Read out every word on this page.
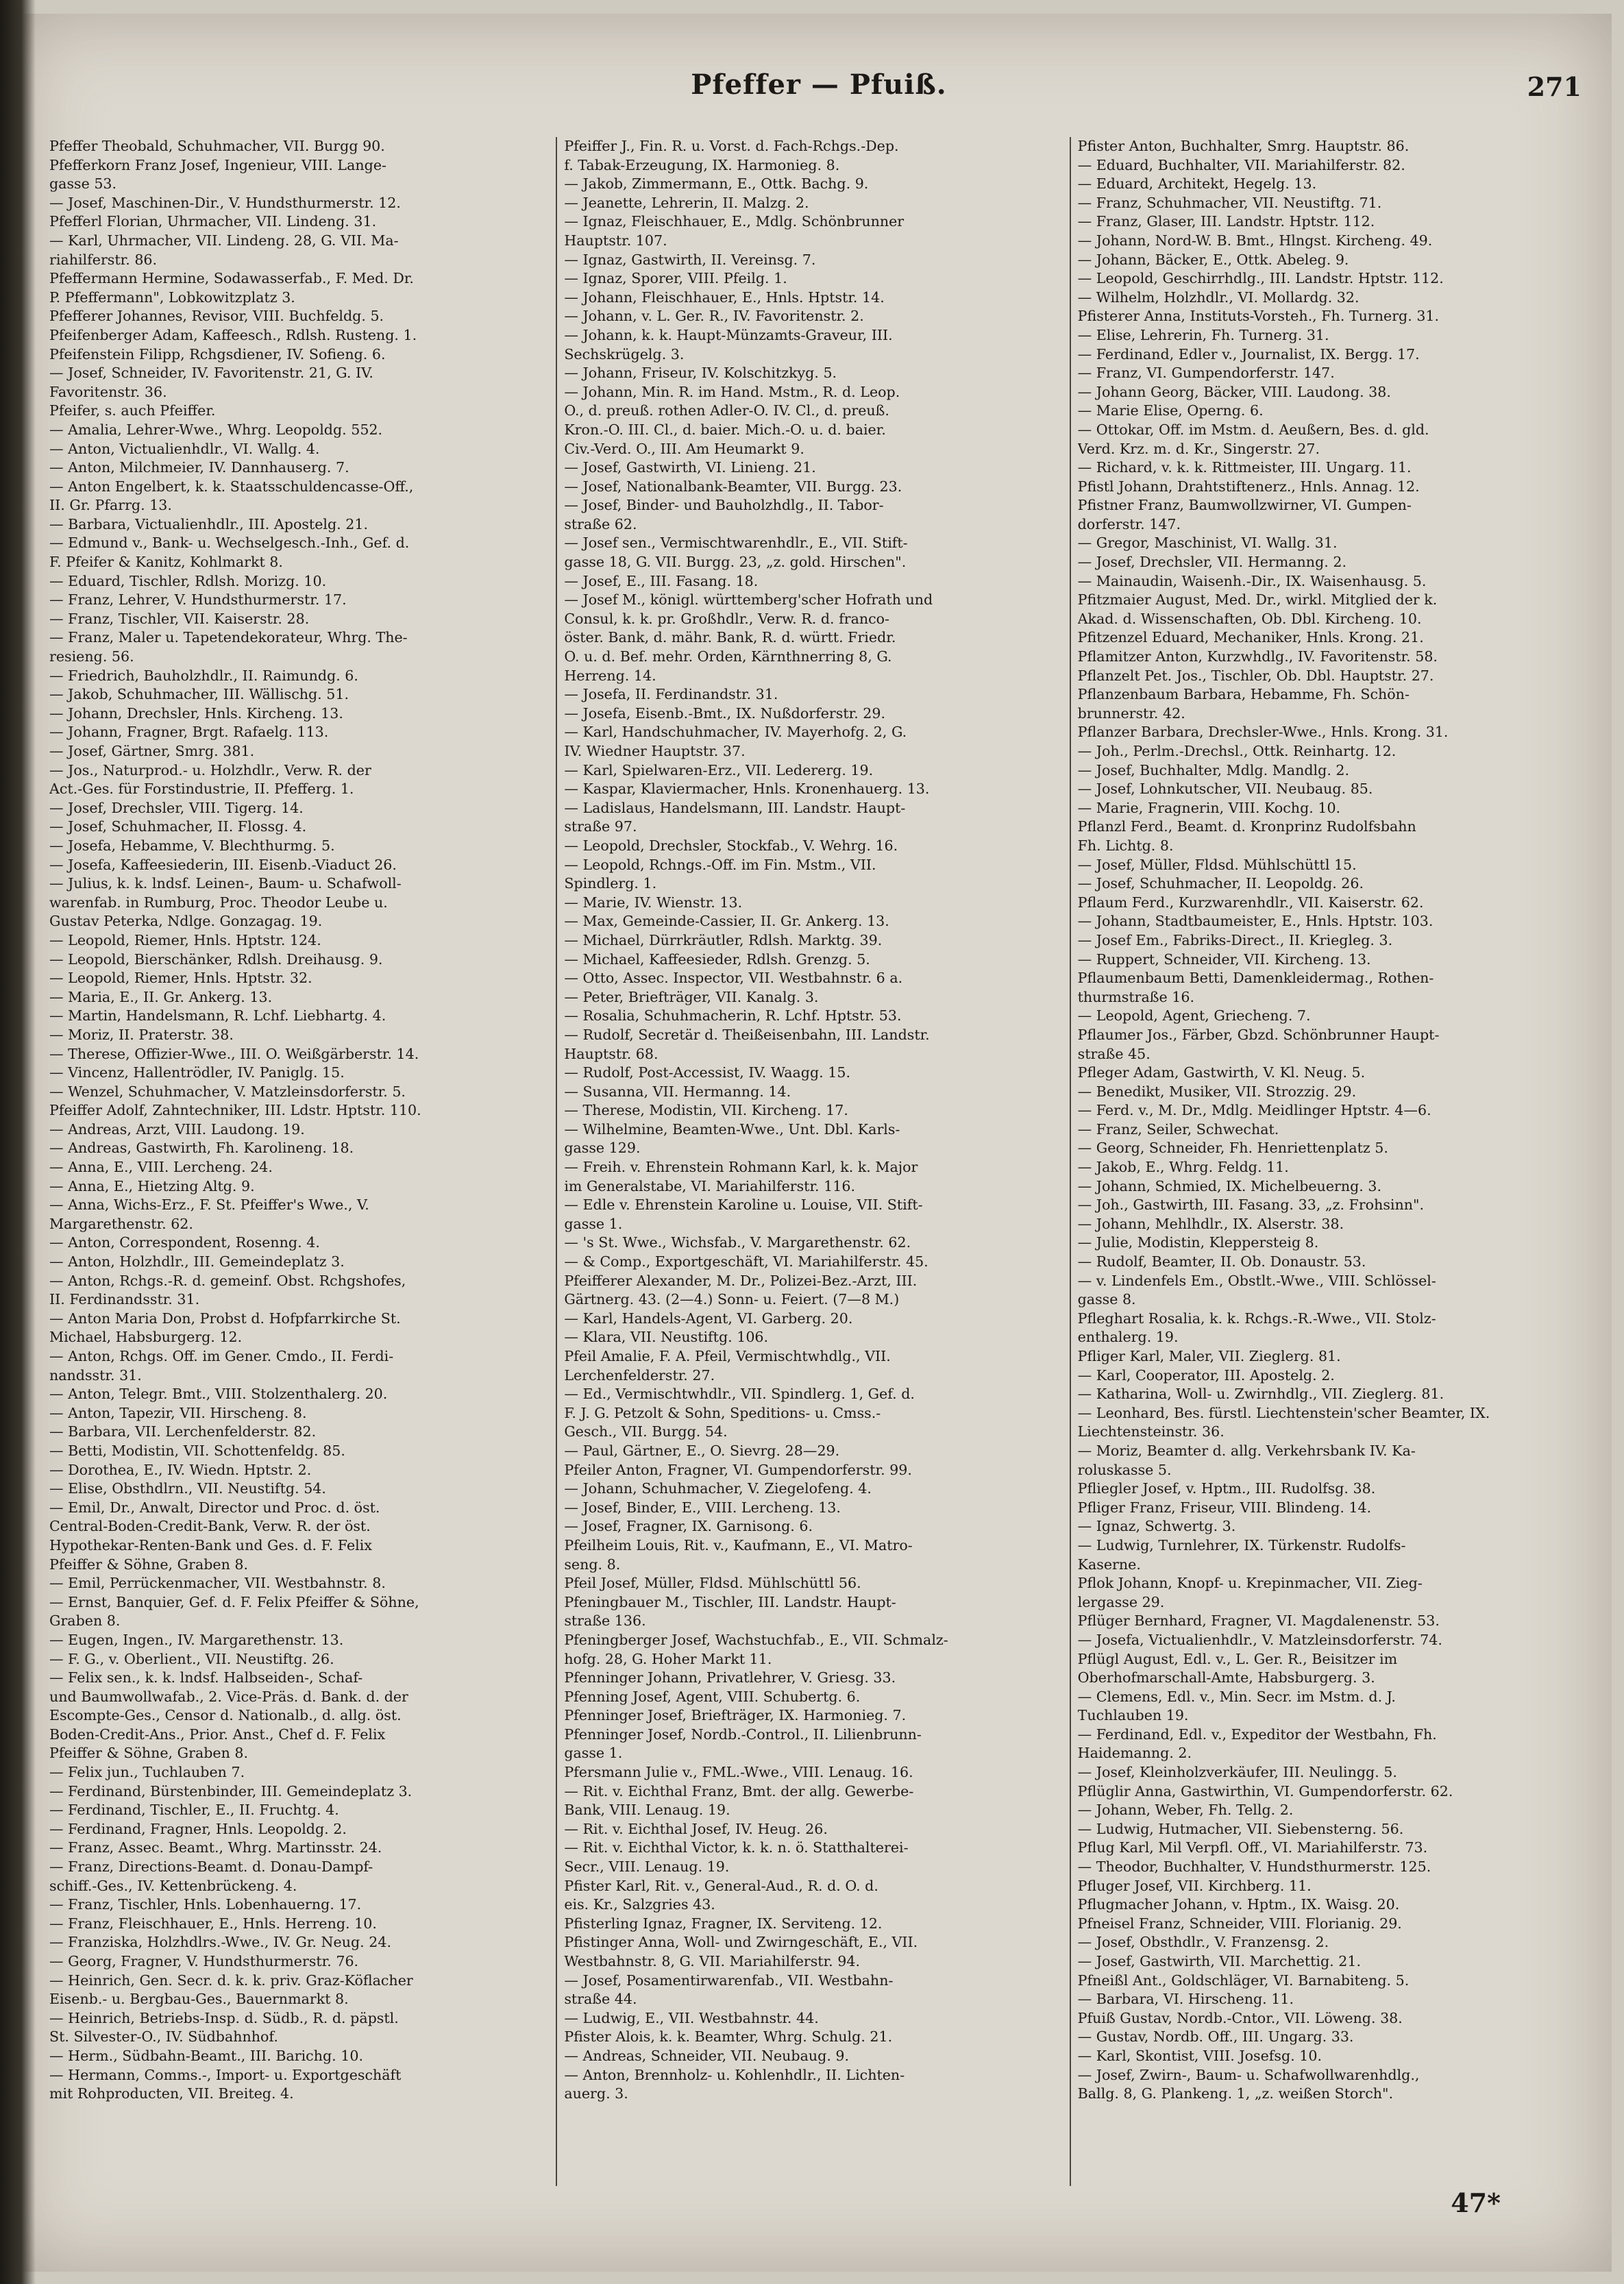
Pfeffer — Pfuiß.	271
Pfeffer Theobald, Schuhmacher, VII. Burgg 90.
Pfefferkorn Franz Josef, Ingenieur, VIII. Lange-
gasse 53.
— Josef, Maschinen-Dir., V. Hundsthurmerstr. 12.
Pfefferl Florian, Uhrmacher, VII. Lindeng. 31.
— Karl, Uhrmacher, VII. Lindeng. 28, G. VII. Ma-
riahilferstr. 86.
Pfeffermann Hermine, Sodawasserfab., F. Med. Dr.
P. Pfeffermann", Lobkowitzplatz 3.
Pfefferer Johannes, Revisor, VIII. Buchfeldg. 5.
Pfeifenberger Adam, Kaffeesch., Rdlsh. Rusteng. 1.
Pfeifenstein Filipp, Rchgsdiener, IV. Sofieng. 6.
— Josef, Schneider, IV. Favoritenstr. 21, G. IV.
Favoritenstr. 36.
Pfeifer, s. auch Pfeiffer.
— Amalia, Lehrer-Wwe., Whrg. Leopoldg. 552.
— Anton, Victualienhdlr., VI. Wallg. 4.
— Anton, Milchmeier, IV. Dannhauserg. 7.
— Anton Engelbert, k. k. Staatsschuldencasse-Off.,
II. Gr. Pfarrg. 13.
— Barbara, Victualienhdlr., III. Apostelg. 21.
— Edmund v., Bank- u. Wechselgesch.-Inh., Gef. d.
F. Pfeifer & Kanitz, Kohlmarkt 8.
— Eduard, Tischler, Rdlsh. Morizg. 10.
— Franz, Lehrer, V. Hundsthurmerstr. 17.
— Franz, Tischler, VII. Kaiserstr. 28.
— Franz, Maler u. Tapetendekorateur, Whrg. The-
resieng. 56.
— Friedrich, Bauholzhdlr., II. Raimundg. 6.
— Jakob, Schuhmacher, III. Wällischg. 51.
— Johann, Drechsler, Hnls. Kircheng. 13.
— Johann, Fragner, Brgt. Rafaelg. 113.
— Josef, Gärtner, Smrg. 381.
— Jos., Naturprod.- u. Holzhdlr., Verw. R. der
Act.-Ges. für Forstindustrie, II. Pfefferg. 1.
— Josef, Drechsler, VIII. Tigerg. 14.
— Josef, Schuhmacher, II. Flossg. 4.
— Josefa, Hebamme, V. Blechthurmg. 5.
— Josefa, Kaffeesiederin, III. Eisenb.-Viaduct 26.
— Julius, k. k. lndsf. Leinen-, Baum- u. Schafwoll-
warenfab. in Rumburg, Proc. Theodor Leube u.
Gustav Peterka, Ndlge. Gonzagag. 19.
— Leopold, Riemer, Hnls. Hptstr. 124.
— Leopold, Bierschänker, Rdlsh. Dreihausg. 9.
— Leopold, Riemer, Hnls. Hptstr. 32.
— Maria, E., II. Gr. Ankerg. 13.
— Martin, Handelsmann, R. Lchf. Liebhartg. 4.
— Moriz, II. Praterstr. 38.
— Therese, Offizier-Wwe., III. O. Weißgärberstr. 14.
— Vincenz, Hallentrödler, IV. Paniglg. 15.
— Wenzel, Schuhmacher, V. Matzleinsdorferstr. 5.
Pfeiffer Adolf, Zahntechniker, III. Ldstr. Hptstr. 110.
— Andreas, Arzt, VIII. Laudong. 19.
— Andreas, Gastwirth, Fh. Karolineng. 18.
— Anna, E., VIII. Lercheng. 24.
— Anna, E., Hietzing Altg. 9.
— Anna, Wichs-Erz., F. St. Pfeiffer's Wwe., V.
Margarethenstr. 62.
— Anton, Correspondent, Rosenng. 4.
— Anton, Holzhdlr., III. Gemeindeplatz 3.
— Anton, Rchgs.-R. d. gemeinf. Obst. Rchgshofes,
II. Ferdinandsstr. 31.
— Anton Maria Don, Probst d. Hofpfarrkirche St.
Michael, Habsburgerg. 12.
— Anton, Rchgs. Off. im Gener. Cmdo., II. Ferdi-
nandsstr. 31.
— Anton, Telegr. Bmt., VIII. Stolzenthalerg. 20.
— Anton, Tapezir, VII. Hirscheng. 8.
— Barbara, VII. Lerchenfelderstr. 82.
— Betti, Modistin, VII. Schottenfeldg. 85.
— Dorothea, E., IV. Wiedn. Hptstr. 2.
— Elise, Obsthdlrn., VII. Neustiftg. 54.
— Emil, Dr., Anwalt, Director und Proc. d. öst.
Central-Boden-Credit-Bank, Verw. R. der öst.
Hypothekar-Renten-Bank und Ges. d. F. Felix
Pfeiffer & Söhne, Graben 8.
— Emil, Perrückenmacher, VII. Westbahnstr. 8.
— Ernst, Banquier, Gef. d. F. Felix Pfeiffer & Söhne,
Graben 8.
— Eugen, Ingen., IV. Margarethenstr. 13.
— F. G., v. Oberlient., VII. Neustiftg. 26.
— Felix sen., k. k. lndsf. Halbseiden-, Schaf-
und Baumwollwafab., 2. Vice-Präs. d. Bank. d. der
Escompte-Ges., Censor d. Nationalb., d. allg. öst.
Boden-Credit-Ans., Prior. Anst., Chef d. F. Felix
Pfeiffer & Söhne, Graben 8.
— Felix jun., Tuchlauben 7.
— Ferdinand, Bürstenbinder, III. Gemeindeplatz 3.
— Ferdinand, Tischler, E., II. Fruchtg. 4.
— Ferdinand, Fragner, Hnls. Leopoldg. 2.
— Franz, Assec. Beamt., Whrg. Martinsstr. 24.
— Franz, Directions-Beamt. d. Donau-Dampf-
schiff.-Ges., IV. Kettenbrückeng. 4.
— Franz, Tischler, Hnls. Lobenhauerng. 17.
— Franz, Fleischhauer, E., Hnls. Herreng. 10.
— Franziska, Holzhdlrs.-Wwe., IV. Gr. Neug. 24.
— Georg, Fragner, V. Hundsthurmerstr. 76.
— Heinrich, Gen. Secr. d. k. k. priv. Graz-Köflacher
Eisenb.- u. Bergbau-Ges., Bauernmarkt 8.
— Heinrich, Betriebs-Insp. d. Südb., R. d. päpstl.
St. Silvester-O., IV. Südbahnhof.
— Herm., Südbahn-Beamt., III. Barichg. 10.
— Hermann, Comms.-, Import- u. Exportgeschäft
mit Rohproducten, VII. Breiteg. 4.
Pfeiffer J., Fin. R. u. Vorst. d. Fach-Rchgs.-Dep.
f. Tabak-Erzeugung, IX. Harmonieg. 8.
— Jakob, Zimmermann, E., Ottk. Bachg. 9.
— Jeanette, Lehrerin, II. Malzg. 2.
— Ignaz, Fleischhauer, E., Mdlg. Schönbrunner
Hauptstr. 107.
— Ignaz, Gastwirth, II. Vereinsg. 7.
— Ignaz, Sporer, VIII. Pfeilg. 1.
— Johann, Fleischhauer, E., Hnls. Hptstr. 14.
— Johann, v. L. Ger. R., IV. Favoritenstr. 2.
— Johann, k. k. Haupt-Münzamts-Graveur, III.
Sechskrügelg. 3.
— Johann, Friseur, IV. Kolschitzkyg. 5.
— Johann, Min. R. im Hand. Mstm., R. d. Leop.
O., d. preuß. rothen Adler-O. IV. Cl., d. preuß.
Kron.-O. III. Cl., d. baier. Mich.-O. u. d. baier.
Civ.-Verd. O., III. Am Heumarkt 9.
— Josef, Gastwirth, VI. Linieng. 21.
— Josef, Nationalbank-Beamter, VII. Burgg. 23.
— Josef, Binder- und Bauholzhdlg., II. Tabor-
straße 62.
— Josef sen., Vermischtwarenhdlr., E., VII. Stift-
gasse 18, G. VII. Burgg. 23, „z. gold. Hirschen".
— Josef, E., III. Fasang. 18.
— Josef M., königl. württemberg'scher Hofrath und
Consul, k. k. pr. Großhdlr., Verw. R. d. franco-
öster. Bank, d. mähr. Bank, R. d. württ. Friedr.
O. u. d. Bef. mehr. Orden, Kärnthnerring 8, G.
Herreng. 14.
— Josefa, II. Ferdinandstr. 31.
— Josefa, Eisenb.-Bmt., IX. Nußdorferstr. 29.
— Karl, Handschuhmacher, IV. Mayerhofg. 2, G.
IV. Wiedner Hauptstr. 37.
— Karl, Spielwaren-Erz., VII. Ledererg. 19.
— Kaspar, Klaviermacher, Hnls. Kronenhauerg. 13.
— Ladislaus, Handelsmann, III. Landstr. Haupt-
straße 97.
— Leopold, Drechsler, Stockfab., V. Wehrg. 16.
— Leopold, Rchngs.-Off. im Fin. Mstm., VII.
Spindlerg. 1.
— Marie, IV. Wienstr. 13.
— Max, Gemeinde-Cassier, II. Gr. Ankerg. 13.
— Michael, Dürrkräutler, Rdlsh. Marktg. 39.
— Michael, Kaffeesieder, Rdlsh. Grenzg. 5.
— Otto, Assec. Inspector, VII. Westbahnstr. 6 a.
— Peter, Briefträger, VII. Kanalg. 3.
— Rosalia, Schuhmacherin, R. Lchf. Hptstr. 53.
— Rudolf, Secretär d. Theißeisenbahn, III. Landstr.
Hauptstr. 68.
— Rudolf, Post-Accessist, IV. Waagg. 15.
— Susanna, VII. Hermanng. 14.
— Therese, Modistin, VII. Kircheng. 17.
— Wilhelmine, Beamten-Wwe., Unt. Dbl. Karls-
gasse 129.
— Freih. v. Ehrenstein Rohmann Karl, k. k. Major
im Generalstabe, VI. Mariahilferstr. 116.
— Edle v. Ehrenstein Karoline u. Louise, VII. Stift-
gasse 1.
— 's St. Wwe., Wichsfab., V. Margarethenstr. 62.
— & Comp., Exportgeschäft, VI. Mariahilferstr. 45.
Pfeifferer Alexander, M. Dr., Polizei-Bez.-Arzt, III.
Gärtnerg. 43. (2—4.) Sonn- u. Feiert. (7—8 M.)
— Karl, Handels-Agent, VI. Garberg. 20.
— Klara, VII. Neustiftg. 106.
Pfeil Amalie, F. A. Pfeil, Vermischtwhdlg., VII.
Lerchenfelderstr. 27.
— Ed., Vermischtwhdlr., VII. Spindlerg. 1, Gef. d.
F. J. G. Petzolt & Sohn, Speditions- u. Cmss.-
Gesch., VII. Burgg. 54.
— Paul, Gärtner, E., O. Sievrg. 28—29.
Pfeiler Anton, Fragner, VI. Gumpendorferstr. 99.
— Johann, Schuhmacher, V. Ziegelofeng. 4.
— Josef, Binder, E., VIII. Lercheng. 13.
— Josef, Fragner, IX. Garnisong. 6.
Pfeilheim Louis, Rit. v., Kaufmann, E., VI. Matro-
seng. 8.
Pfeil Josef, Müller, Fldsd. Mühlschüttl 56.
Pfeningbauer M., Tischler, III. Landstr. Haupt-
straße 136.
Pfeningberger Josef, Wachstuchfab., E., VII. Schmalz-
hofg. 28, G. Hoher Markt 11.
Pfenninger Johann, Privatlehrer, V. Griesg. 33.
Pfenning Josef, Agent, VIII. Schubertg. 6.
Pfenninger Josef, Briefträger, IX. Harmonieg. 7.
Pfenninger Josef, Nordb.-Control., II. Lilienbrunn-
gasse 1.
Pfersmann Julie v., FML.-Wwe., VIII. Lenaug. 16.
— Rit. v. Eichthal Franz, Bmt. der allg. Gewerbe-
Bank, VIII. Lenaug. 19.
— Rit. v. Eichthal Josef, IV. Heug. 26.
— Rit. v. Eichthal Victor, k. k. n. ö. Statthalterei-
Secr., VIII. Lenaug. 19.
Pfister Karl, Rit. v., General-Aud., R. d. O. d.
eis. Kr., Salzgries 43.
Pfisterling Ignaz, Fragner, IX. Serviteng. 12.
Pfistinger Anna, Woll- und Zwirngeschäft, E., VII.
Westbahnstr. 8, G. VII. Mariahilferstr. 94.
— Josef, Posamentirwarenfab., VII. Westbahn-
straße 44.
— Ludwig, E., VII. Westbahnstr. 44.
Pfister Alois, k. k. Beamter, Whrg. Schulg. 21.
— Andreas, Schneider, VII. Neubaug. 9.
— Anton, Brennholz- u. Kohlenhdlr., II. Lichten-
auerg. 3.
Pfister Anton, Buchhalter, Smrg. Hauptstr. 86.
— Eduard, Buchhalter, VII. Mariahilferstr. 82.
— Eduard, Architekt, Hegelg. 13.
— Franz, Schuhmacher, VII. Neustiftg. 71.
— Franz, Glaser, III. Landstr. Hptstr. 112.
— Johann, Nord-W. B. Bmt., Hlngst. Kircheng. 49.
— Johann, Bäcker, E., Ottk. Abeleg. 9.
— Leopold, Geschirrhdlg., III. Landstr. Hptstr. 112.
— Wilhelm, Holzhdlr., VI. Mollardg. 32.
Pfisterer Anna, Instituts-Vorsteh., Fh. Turnerg. 31.
— Elise, Lehrerin, Fh. Turnerg. 31.
— Ferdinand, Edler v., Journalist, IX. Bergg. 17.
— Franz, VI. Gumpendorferstr. 147.
— Johann Georg, Bäcker, VIII. Laudong. 38.
— Marie Elise, Operng. 6.
— Ottokar, Off. im Mstm. d. Aeußern, Bes. d. gld.
Verd. Krz. m. d. Kr., Singerstr. 27.
— Richard, v. k. k. Rittmeister, III. Ungarg. 11.
Pfistl Johann, Drahtstiftenerz., Hnls. Annag. 12.
Pfistner Franz, Baumwollzwirner, VI. Gumpen-
dorferstr. 147.
— Gregor, Maschinist, VI. Wallg. 31.
— Josef, Drechsler, VII. Hermanng. 2.
— Mainaudin, Waisenh.-Dir., IX. Waisenhausg. 5.
Pfitzmaier August, Med. Dr., wirkl. Mitglied der k.
Akad. d. Wissenschaften, Ob. Dbl. Kircheng. 10.
Pfitzenzel Eduard, Mechaniker, Hnls. Krong. 21.
Pflamitzer Anton, Kurzwhdlg., IV. Favoritenstr. 58.
Pflanzelt Pet. Jos., Tischler, Ob. Dbl. Hauptstr. 27.
Pflanzenbaum Barbara, Hebamme, Fh. Schön-
brunnerstr. 42.
Pflanzer Barbara, Drechsler-Wwe., Hnls. Krong. 31.
— Joh., Perlm.-Drechsl., Ottk. Reinhartg. 12.
— Josef, Buchhalter, Mdlg. Mandlg. 2.
— Josef, Lohnkutscher, VII. Neubaug. 85.
— Marie, Fragnerin, VIII. Kochg. 10.
Pflanzl Ferd., Beamt. d. Kronprinz Rudolfsbahn
Fh. Lichtg. 8.
— Josef, Müller, Fldsd. Mühlschüttl 15.
— Josef, Schuhmacher, II. Leopoldg. 26.
Pflaum Ferd., Kurzwarenhdlr., VII. Kaiserstr. 62.
— Johann, Stadtbaumeister, E., Hnls. Hptstr. 103.
— Josef Em., Fabriks-Direct., II. Kriegleg. 3.
— Ruppert, Schneider, VII. Kircheng. 13.
Pflaumenbaum Betti, Damenkleidermag., Rothen-
thurmstraße 16.
— Leopold, Agent, Griecheng. 7.
Pflaumer Jos., Färber, Gbzd. Schönbrunner Haupt-
straße 45.
Pfleger Adam, Gastwirth, V. Kl. Neug. 5.
— Benedikt, Musiker, VII. Strozzig. 29.
— Ferd. v., M. Dr., Mdlg. Meidlinger Hptstr. 4—6.
— Franz, Seiler, Schwechat.
— Georg, Schneider, Fh. Henriettenplatz 5.
— Jakob, E., Whrg. Feldg. 11.
— Johann, Schmied, IX. Michelbeuerng. 3.
— Joh., Gastwirth, III. Fasang. 33, „z. Frohsinn".
— Johann, Mehlhdlr., IX. Alserstr. 38.
— Julie, Modistin, Kleppersteig 8.
— Rudolf, Beamter, II. Ob. Donaustr. 53.
— v. Lindenfels Em., Obstlt.-Wwe., VIII. Schlössel-
gasse 8.
Pfleghart Rosalia, k. k. Rchgs.-R.-Wwe., VII. Stolz-
enthalerg. 19.
Pfliger Karl, Maler, VII. Zieglerg. 81.
— Karl, Cooperator, III. Apostelg. 2.
— Katharina, Woll- u. Zwirnhdlg., VII. Zieglerg. 81.
— Leonhard, Bes. fürstl. Liechtenstein'scher Beamter, IX.
Liechtensteinstr. 36.
— Moriz, Beamter d. allg. Verkehrsbank IV. Ka-
roluskasse 5.
Pfliegler Josef, v. Hptm., III. Rudolfsg. 38.
Pfliger Franz, Friseur, VIII. Blindeng. 14.
— Ignaz, Schwertg. 3.
— Ludwig, Turnlehrer, IX. Türkenstr. Rudolfs-
Kaserne.
Pflok Johann, Knopf- u. Krepinmacher, VII. Zieg-
lergasse 29.
Pflüger Bernhard, Fragner, VI. Magdalenenstr. 53.
— Josefa, Victualienhdlr., V. Matzleinsdorferstr. 74.
Pflügl August, Edl. v., L. Ger. R., Beisitzer im
Oberhofmarschall-Amte, Habsburgerg. 3.
— Clemens, Edl. v., Min. Secr. im Mstm. d. J.
Tuchlauben 19.
— Ferdinand, Edl. v., Expeditor der Westbahn, Fh.
Haidemanng. 2.
— Josef, Kleinholzverkäufer, III. Neulingg. 5.
Pflüglir Anna, Gastwirthin, VI. Gumpendorferstr. 62.
— Johann, Weber, Fh. Tellg. 2.
— Ludwig, Hutmacher, VII. Siebensterng. 56.
Pflug Karl, Mil Verpfl. Off., VI. Mariahilferstr. 73.
— Theodor, Buchhalter, V. Hundsthurmerstr. 125.
Pfluger Josef, VII. Kirchberg. 11.
Pflugmacher Johann, v. Hptm., IX. Waisg. 20.
Pfneisel Franz, Schneider, VIII. Florianig. 29.
— Josef, Obsthdlr., V. Franzensg. 2.
— Josef, Gastwirth, VII. Marchettig. 21.
Pfneißl Ant., Goldschläger, VI. Barnabiteng. 5.
— Barbara, VI. Hirscheng. 11.
Pfuiß Gustav, Nordb.-Cntor., VII. Löweng. 38.
— Gustav, Nordb. Off., III. Ungarg. 33.
— Karl, Skontist, VIII. Josefsg. 10.
— Josef, Zwirn-, Baum- u. Schafwollwarenhdlg.,
Ballg. 8, G. Plankeng. 1, „z. weißen Storch".
47*
